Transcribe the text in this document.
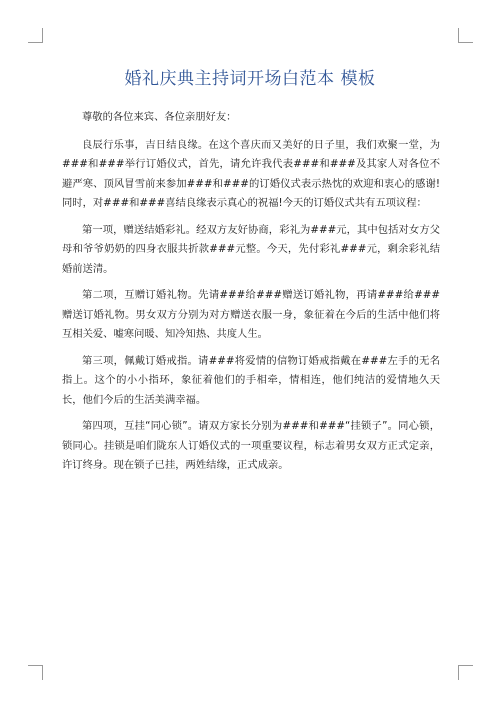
婚礼庆典主持词开场白范本 模板

尊敬的各位来宾、各位亲朋好友：

良辰行乐事，吉日结良缘。在这个喜庆而又美好的日子里，我们欢聚一堂，为###和###举行订婚仪式，首先，请允许我代表###和###及其家人对各位不避严寒、顶风冒雪前来参加###和###的订婚仪式表示热忱的欢迎和衷心的感谢!同时，对###和###喜结良缘表示真心的祝福!今天的订婚仪式共有五项议程：

第一项，赠送结婚彩礼。经双方友好协商，彩礼为###元，其中包括对女方父母和爷爷奶奶的四身衣服共折款###元整。今天，先付彩礼###元，剩余彩礼结婚前送清。

第二项，互赠订婚礼物。先请###给###赠送订婚礼物，再请###给###赠送订婚礼物。男女双方分别为对方赠送衣服一身，象征着在今后的生活中他们将互相关爱、嘘寒问暖、知冷知热、共度人生。

第三项，佩戴订婚戒指。请###将爱情的信物订婚戒指戴在###左手的无名指上。这个的小小指环，象征着他们的手相牵，情相连，他们纯洁的爱情地久天长，他们今后的生活美满幸福。

第四项，互挂“同心锁”。请双方家长分别为###和###“挂锁子”。同心锁，锁同心。挂锁是咱们陇东人订婚仪式的一项重要议程，标志着男女双方正式定亲，许订终身。现在锁子已挂，两姓结缘，正式成亲。
